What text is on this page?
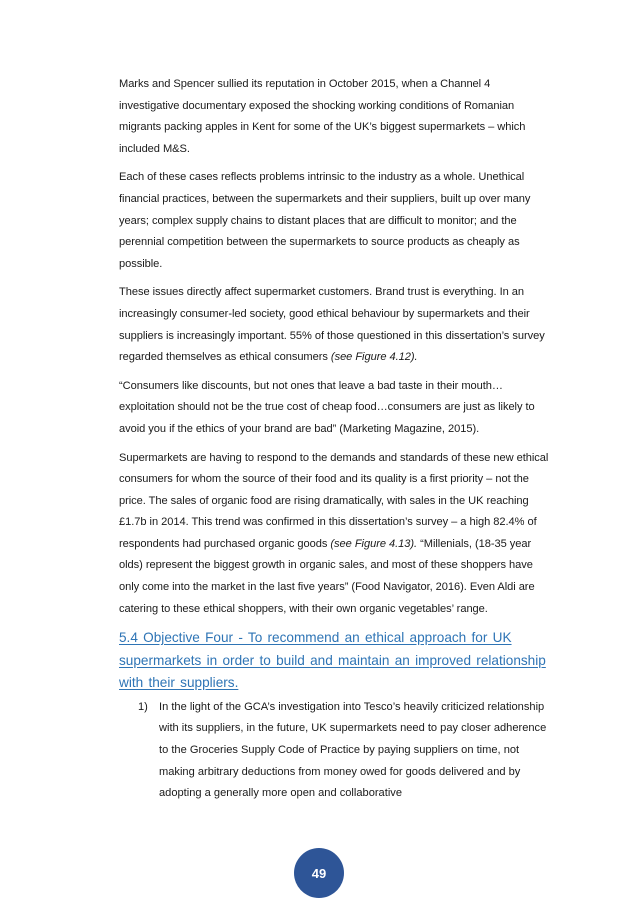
Marks and Spencer sullied its reputation in October 2015, when a Channel 4 investigative documentary exposed the shocking working conditions of Romanian migrants packing apples in Kent for some of the UK’s biggest supermarkets – which included M&S.

Each of these cases reflects problems intrinsic to the industry as a whole. Unethical financial practices, between the supermarkets and their suppliers, built up over many years; complex supply chains to distant places that are difficult to monitor; and the perennial competition between the supermarkets to source products as cheaply as possible.

These issues directly affect supermarket customers. Brand trust is everything. In an increasingly consumer-led society, good ethical behaviour by supermarkets and their suppliers is increasingly important. 55% of those questioned in this dissertation’s survey regarded themselves as ethical consumers (see Figure 4.12).

“Consumers like discounts, but not ones that leave a bad taste in their mouth…exploitation should not be the true cost of cheap food…consumers are just as likely to avoid you if the ethics of your brand are bad” (Marketing Magazine, 2015).

Supermarkets are having to respond to the demands and standards of these new ethical consumers for whom the source of their food and its quality is a first priority – not the price. The sales of organic food are rising dramatically, with sales in the UK reaching £1.7b in 2014. This trend was confirmed in this dissertation’s survey – a high 82.4% of respondents had purchased organic goods (see Figure 4.13). “Millenials, (18-35 year olds) represent the biggest growth in organic sales, and most of these shoppers have only come into the market in the last five years” (Food Navigator, 2016). Even Aldi are catering to these ethical shoppers, with their own organic vegetables’ range.

5.4 Objective Four - To recommend an ethical approach for UK supermarkets in order to build and maintain an improved relationship with their suppliers.
1) In the light of the GCA’s investigation into Tesco’s heavily criticized relationship with its suppliers, in the future, UK supermarkets need to pay closer adherence to the Groceries Supply Code of Practice by paying suppliers on time, not making arbitrary deductions from money owed for goods delivered and by adopting a generally more open and collaborative
49
